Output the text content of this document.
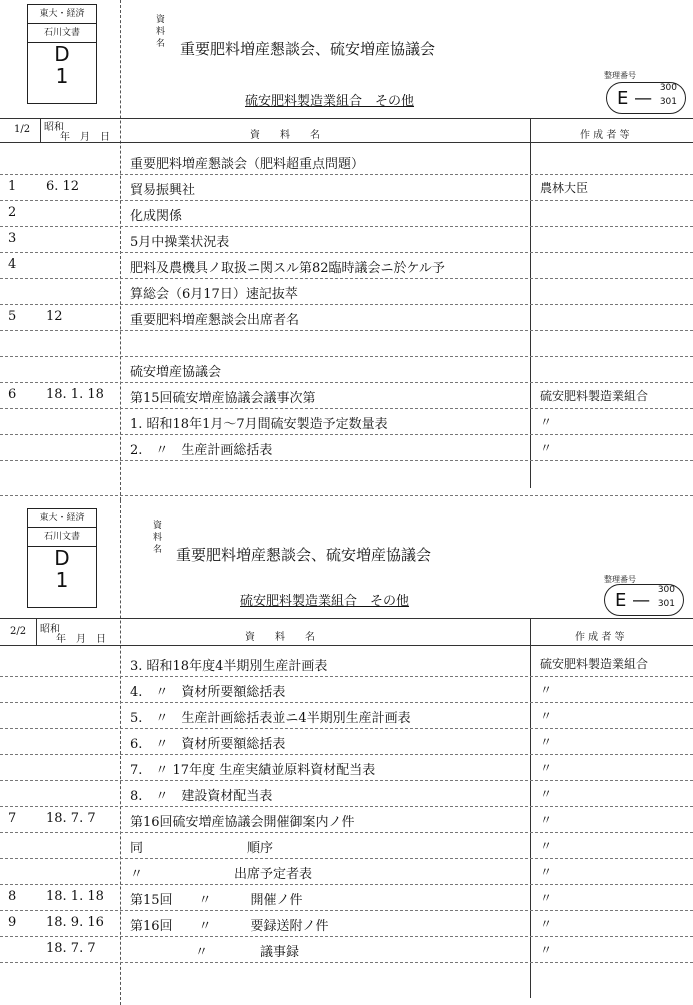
東大・経済
石川文書
D
1
資料名 重要肥料増産懇談会、硫安増産協議会
硫安肥料製造業組合　その他
整理番号
E — 300
301
1/2 昭和
年　月　日	資　　料　　名	作 成 者 等
重要肥料増産懇談会（肥料超重点問題）
1 6. 12	貿易振興社	農林大臣
2	化成関係
3	5月中操業状況表
4	肥料及農機具ノ取扱ニ関スル第82臨時議会ニ於ケル予
算総会（6月17日）速記抜萃
5 12	重要肥料増産懇談会出席者名
硫安増産協議会
6 18. 1. 18 第15回硫安増産協議会議事次第	硫安肥料製造業組合
1. 昭和18年1月～7月間硫安製造予定数量表	〃
2.　〃　生産計画総括表	〃
東大・経済
石川文書
D
1
資料名 重要肥料増産懇談会、硫安増産協議会
硫安肥料製造業組合　その他
整理番号
E — 300
301
2/2 昭和
年　月　日	資　　料　　名	作 成 者 等
3. 昭和18年度4半期別生産計画表	硫安肥料製造業組合
4.　〃　資材所要額総括表	〃
5.　〃　生産計画総括表並ニ4半期別生産計画表	〃
6.　〃　資材所要額総括表	〃
7.　〃 17年度 生産実績並原料資材配当表	〃
8.　〃　建設資材配当表	〃
7 18. 7. 7	第16回硫安増産協議会開催御案内ノ件	〃
同　　　　　　　　順序	〃
〃　　　　　　　出席予定者表	〃
8 18. 1. 18 第15回　　〃　　　開催ノ件	〃
9 18. 9. 16 第16回　　〃　　　要録送附ノ件	〃
18. 7. 7	　　　　　〃　　　　議事録	〃
